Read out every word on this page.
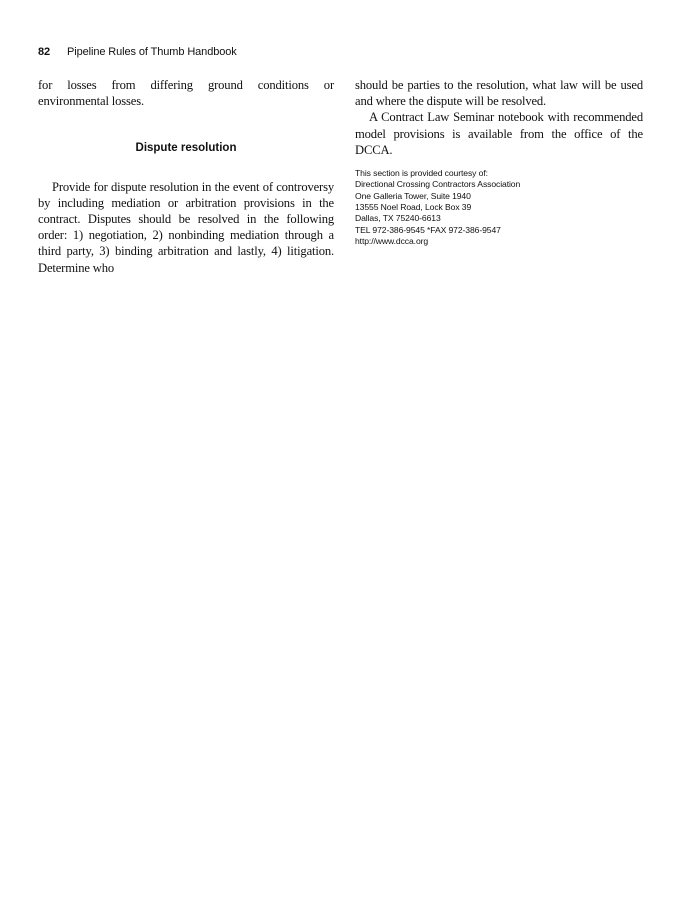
82 Pipeline Rules of Thumb Handbook

for losses from differing ground conditions or environmental losses.

Dispute resolution

Provide for dispute resolution in the event of controversy by including mediation or arbitration provisions in the contract. Disputes should be resolved in the following order: 1) negotiation, 2) nonbinding mediation through a third party, 3) binding arbitration and lastly, 4) litigation. Determine who

should be parties to the resolution, what law will be used and where the dispute will be resolved.

A Contract Law Seminar notebook with recommended model provisions is available from the office of the DCCA.

This section is provided courtesy of:
Directional Crossing Contractors Association
One Galleria Tower, Suite 1940
13555 Noel Road, Lock Box 39
Dallas, TX 75240-6613
TEL 972-386-9545 *FAX 972-386-9547
http://www.dcca.org
